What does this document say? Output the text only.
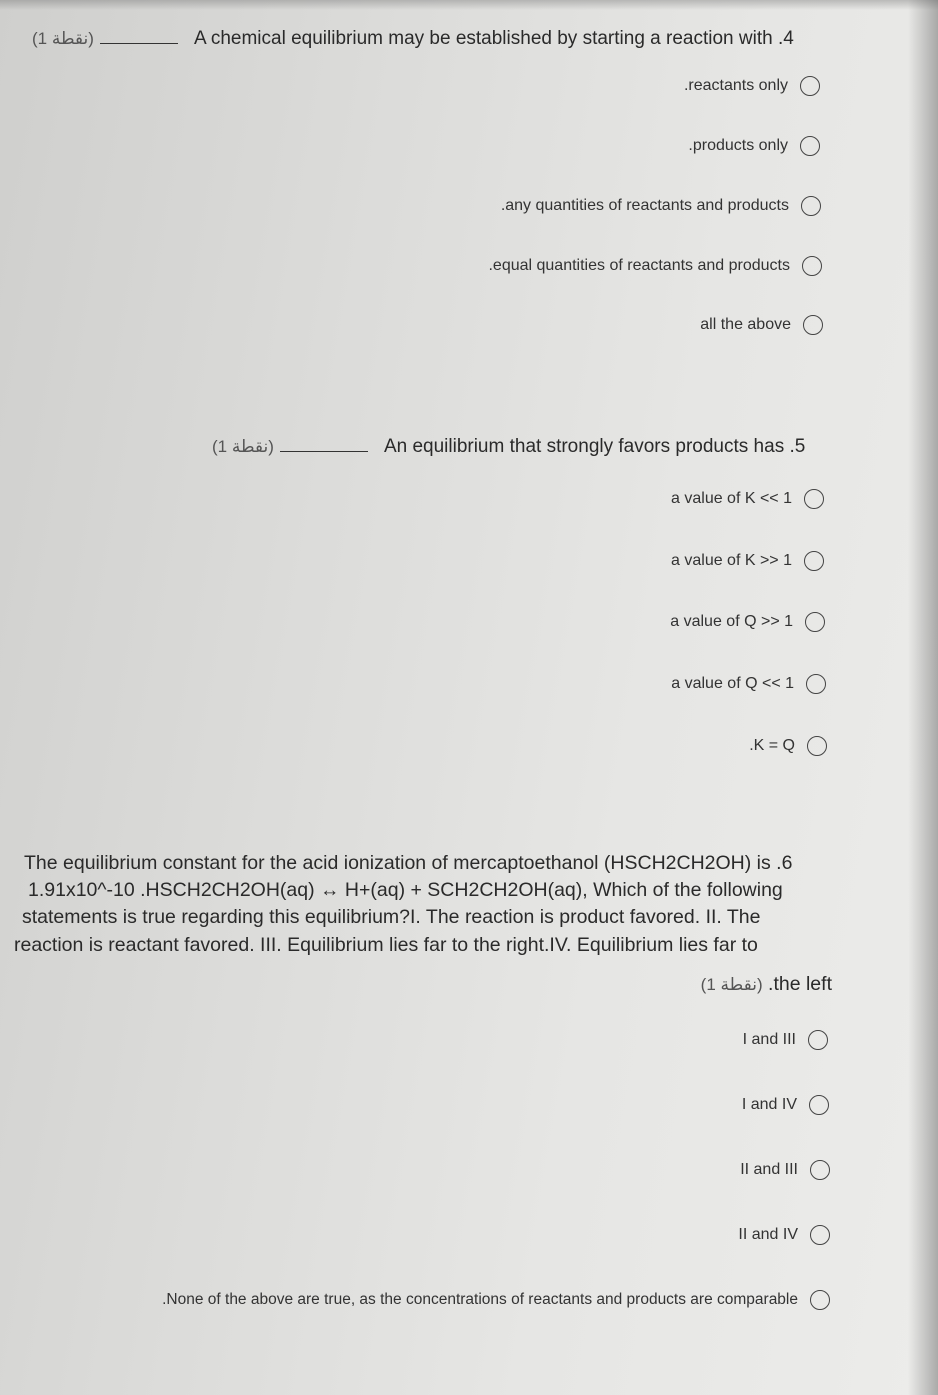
(نقطة 1)	A chemical equilibrium may be established by starting a reaction with .4
.reactants only
.products only
.any quantities of reactants and products
.equal quantities of reactants and products
all the above
(نقطة 1)	An equilibrium that strongly favors products has .5
a value of K << 1
a value of K >> 1
a value of Q >> 1
a value of Q << 1
.K = Q
The equilibrium constant for the acid ionization of mercaptoethanol (HSCH2CH2OH) is .6
1.91x10^-10 .HSCH2CH2OH(aq) ↔ H+(aq) + SCH2CH2OH(aq), Which of the following
statements is true regarding this equilibrium?I. The reaction is product favored. II. The
reaction is reactant favored. III. Equilibrium lies far to the right.IV. Equilibrium lies far to
(نقطة 1) .the left
I and III
I and IV
II and III
II and IV
.None of the above are true, as the concentrations of reactants and products are comparable
